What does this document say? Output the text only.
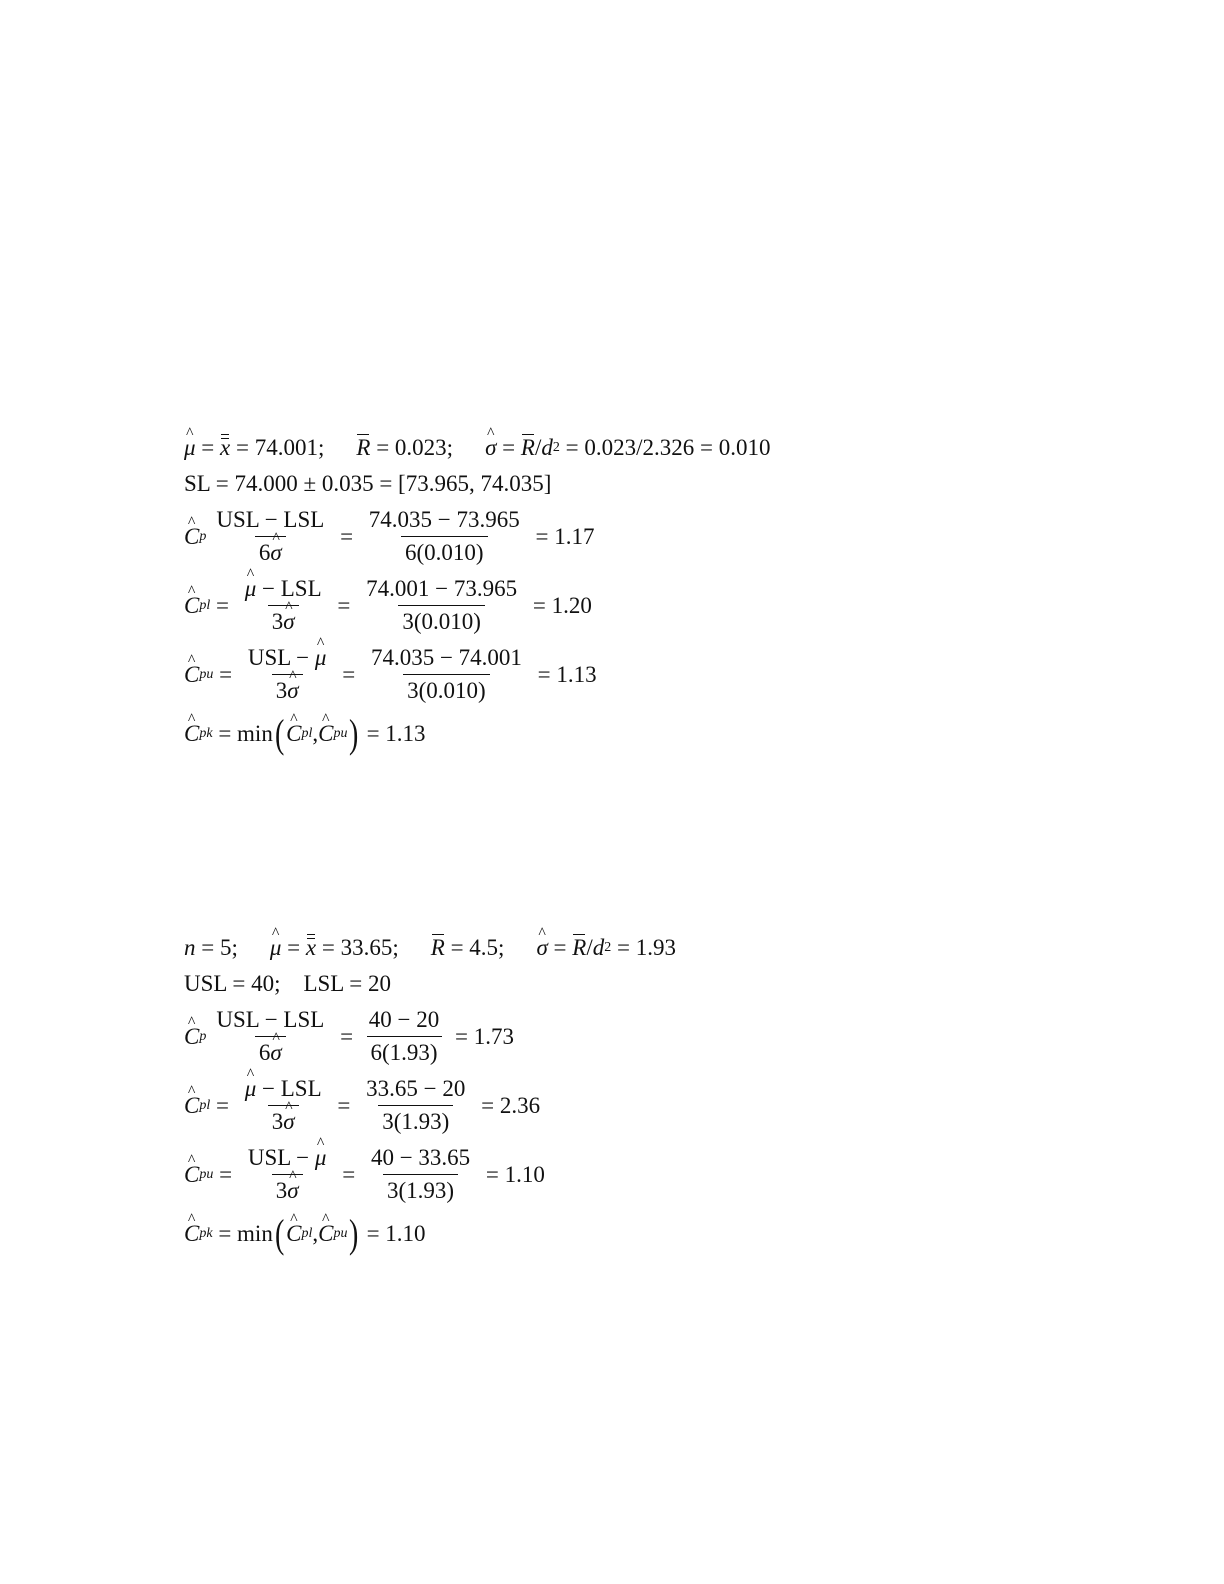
^ μ = x = 74.001 ; R = 0.023 ; ^ σ = R / d 2 = 0.023/2.326 = 0.010
SL = 74.000 ± 0.035 = [73.965, 74.035]
^ C p $\frac{\text{USL − LSL}}{6\^{} \sigma} = \frac{74.035 - 73.965}{6(0.010)} = 1.17$
^ C pl = ^ $\frac{\text{μ − LSL}}{3\^{} \sigma} = \frac{74.001 - 73.965}{3(0.010)} = 1.20$
^ C pu = $\frac{\text{USL − \textasciicircum{} μ}}{3\^{} \sigma} = \frac{74.035 - 74.001}{3(0.010)} = 1.13$
^ C pk = min ( ^ C pl , ^ C pu ) = 1.13
n = 5 ; ^ μ = x = 33.65 ; R = 4.5 ; ^ σ = R / d 2 = 1.93
USL = 40;    LSL = 20
^ C p $\frac{\text{USL − LSL}}{6\^{} \sigma} = \frac{40 - 20}{6(1.93)} = 1.73$
^ C pl = ^ $\frac{\text{μ − LSL}}{3\^{} \sigma} = \frac{33.65 - 20}{3(1.93)} = 2.36$
^ C pu = $\frac{\text{USL − \textasciicircum{} μ}}{3\^{} \sigma} = \frac{40 - 33.65}{3(1.93)} = 1.10$
^ C pk = min ( ^ C pl , ^ C pu ) = 1.10
